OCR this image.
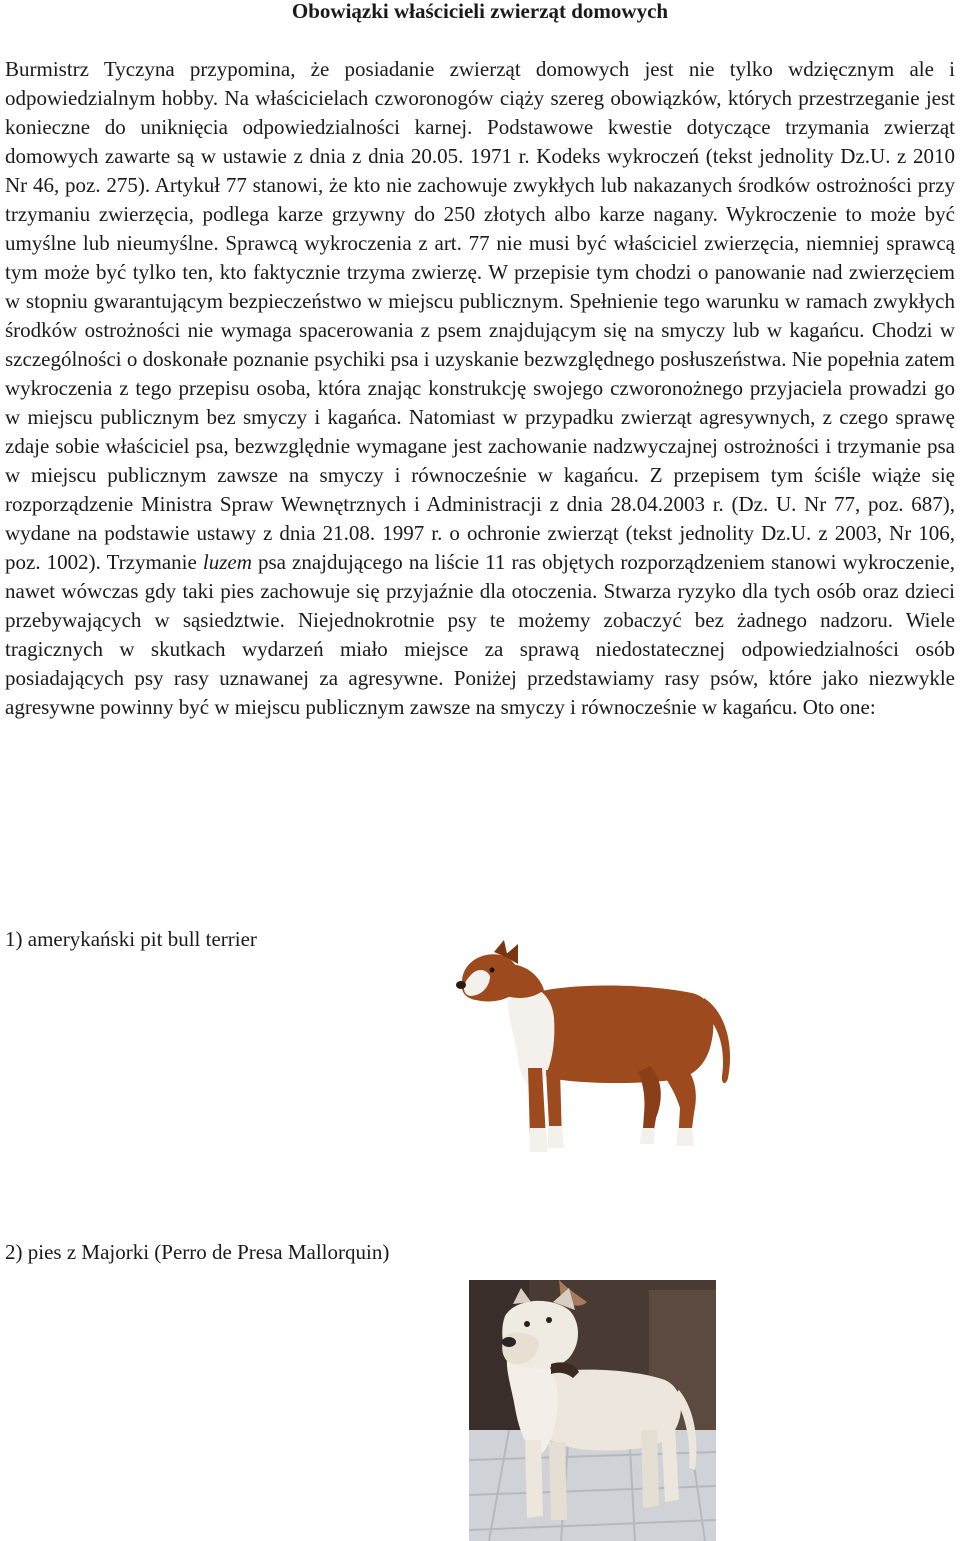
Obowiązki właścicieli zwierząt domowych

Burmistrz Tyczyna przypomina, że posiadanie zwierząt domowych jest nie tylko wdzięcznym ale i odpowiedzialnym hobby. Na właścicielach czworonogów ciąży szereg obowiązków, których przestrzeganie jest konieczne do uniknięcia odpowiedzialności karnej. Podstawowe kwestie dotyczące trzymania zwierząt domowych zawarte są w ustawie z dnia z dnia 20.05. 1971 r. Kodeks wykroczeń (tekst jednolity Dz.U. z 2010 Nr 46, poz. 275). Artykuł 77 stanowi, że kto nie zachowuje zwykłych lub nakazanych środków ostrożności przy trzymaniu zwierzęcia, podlega karze grzywny do 250 złotych albo karze nagany. Wykroczenie to może być umyślne lub nieumyślne. Sprawcą wykroczenia z art. 77 nie musi być właściciel zwierzęcia, niemniej sprawcą tym może być tylko ten, kto faktycznie trzyma zwierzę. W przepisie tym chodzi o panowanie nad zwierzęciem w stopniu gwarantującym bezpieczeństwo w miejscu publicznym. Spełnienie tego warunku w ramach zwykłych środków ostrożności nie wymaga spacerowania z psem znajdującym się na smyczy lub w kagańcu. Chodzi w szczególności o doskonałe poznanie psychiki psa i uzyskanie bezwzględnego posłuszeństwa. Nie popełnia zatem wykroczenia z tego przepisu osoba, która znając konstrukcję swojego czworonożnego przyjaciela prowadzi go w miejscu publicznym bez smyczy i kagańca. Natomiast w przypadku zwierząt agresywnych, z czego sprawę zdaje sobie właściciel psa, bezwzględnie wymagane jest zachowanie nadzwyczajnej ostrożności i trzymanie psa w miejscu publicznym zawsze na smyczy i równocześnie w kagańcu. Z przepisem tym ściśle wiąże się rozporządzenie Ministra Spraw Wewnętrznych i Administracji z dnia 28.04.2003 r. (Dz. U. Nr 77, poz. 687), wydane na podstawie ustawy z dnia 21.08. 1997 r. o ochronie zwierząt (tekst jednolity Dz.U. z 2003, Nr 106, poz. 1002). Trzymanie luzem psa znajdującego na liście 11 ras objętych rozporządzeniem stanowi wykroczenie, nawet wówczas gdy taki pies zachowuje się przyjaźnie dla otoczenia. Stwarza ryzyko dla tych osób oraz dzieci przebywających w sąsiedztwie. Niejednokrotnie psy te możemy zobaczyć bez żadnego nadzoru. Wiele tragicznych w skutkach wydarzeń miało miejsce za sprawą niedostatecznej odpowiedzialności osób posiadających psy rasy uznawanej za agresywne. Poniżej przedstawiamy rasy psów, które jako niezwykle agresywne powinny być w miejscu publicznym zawsze na smyczy i równocześnie w kagańcu. Oto one:

1) amerykański pit bull terrier

2) pies z Majorki (Perro de Presa Mallorquin)
